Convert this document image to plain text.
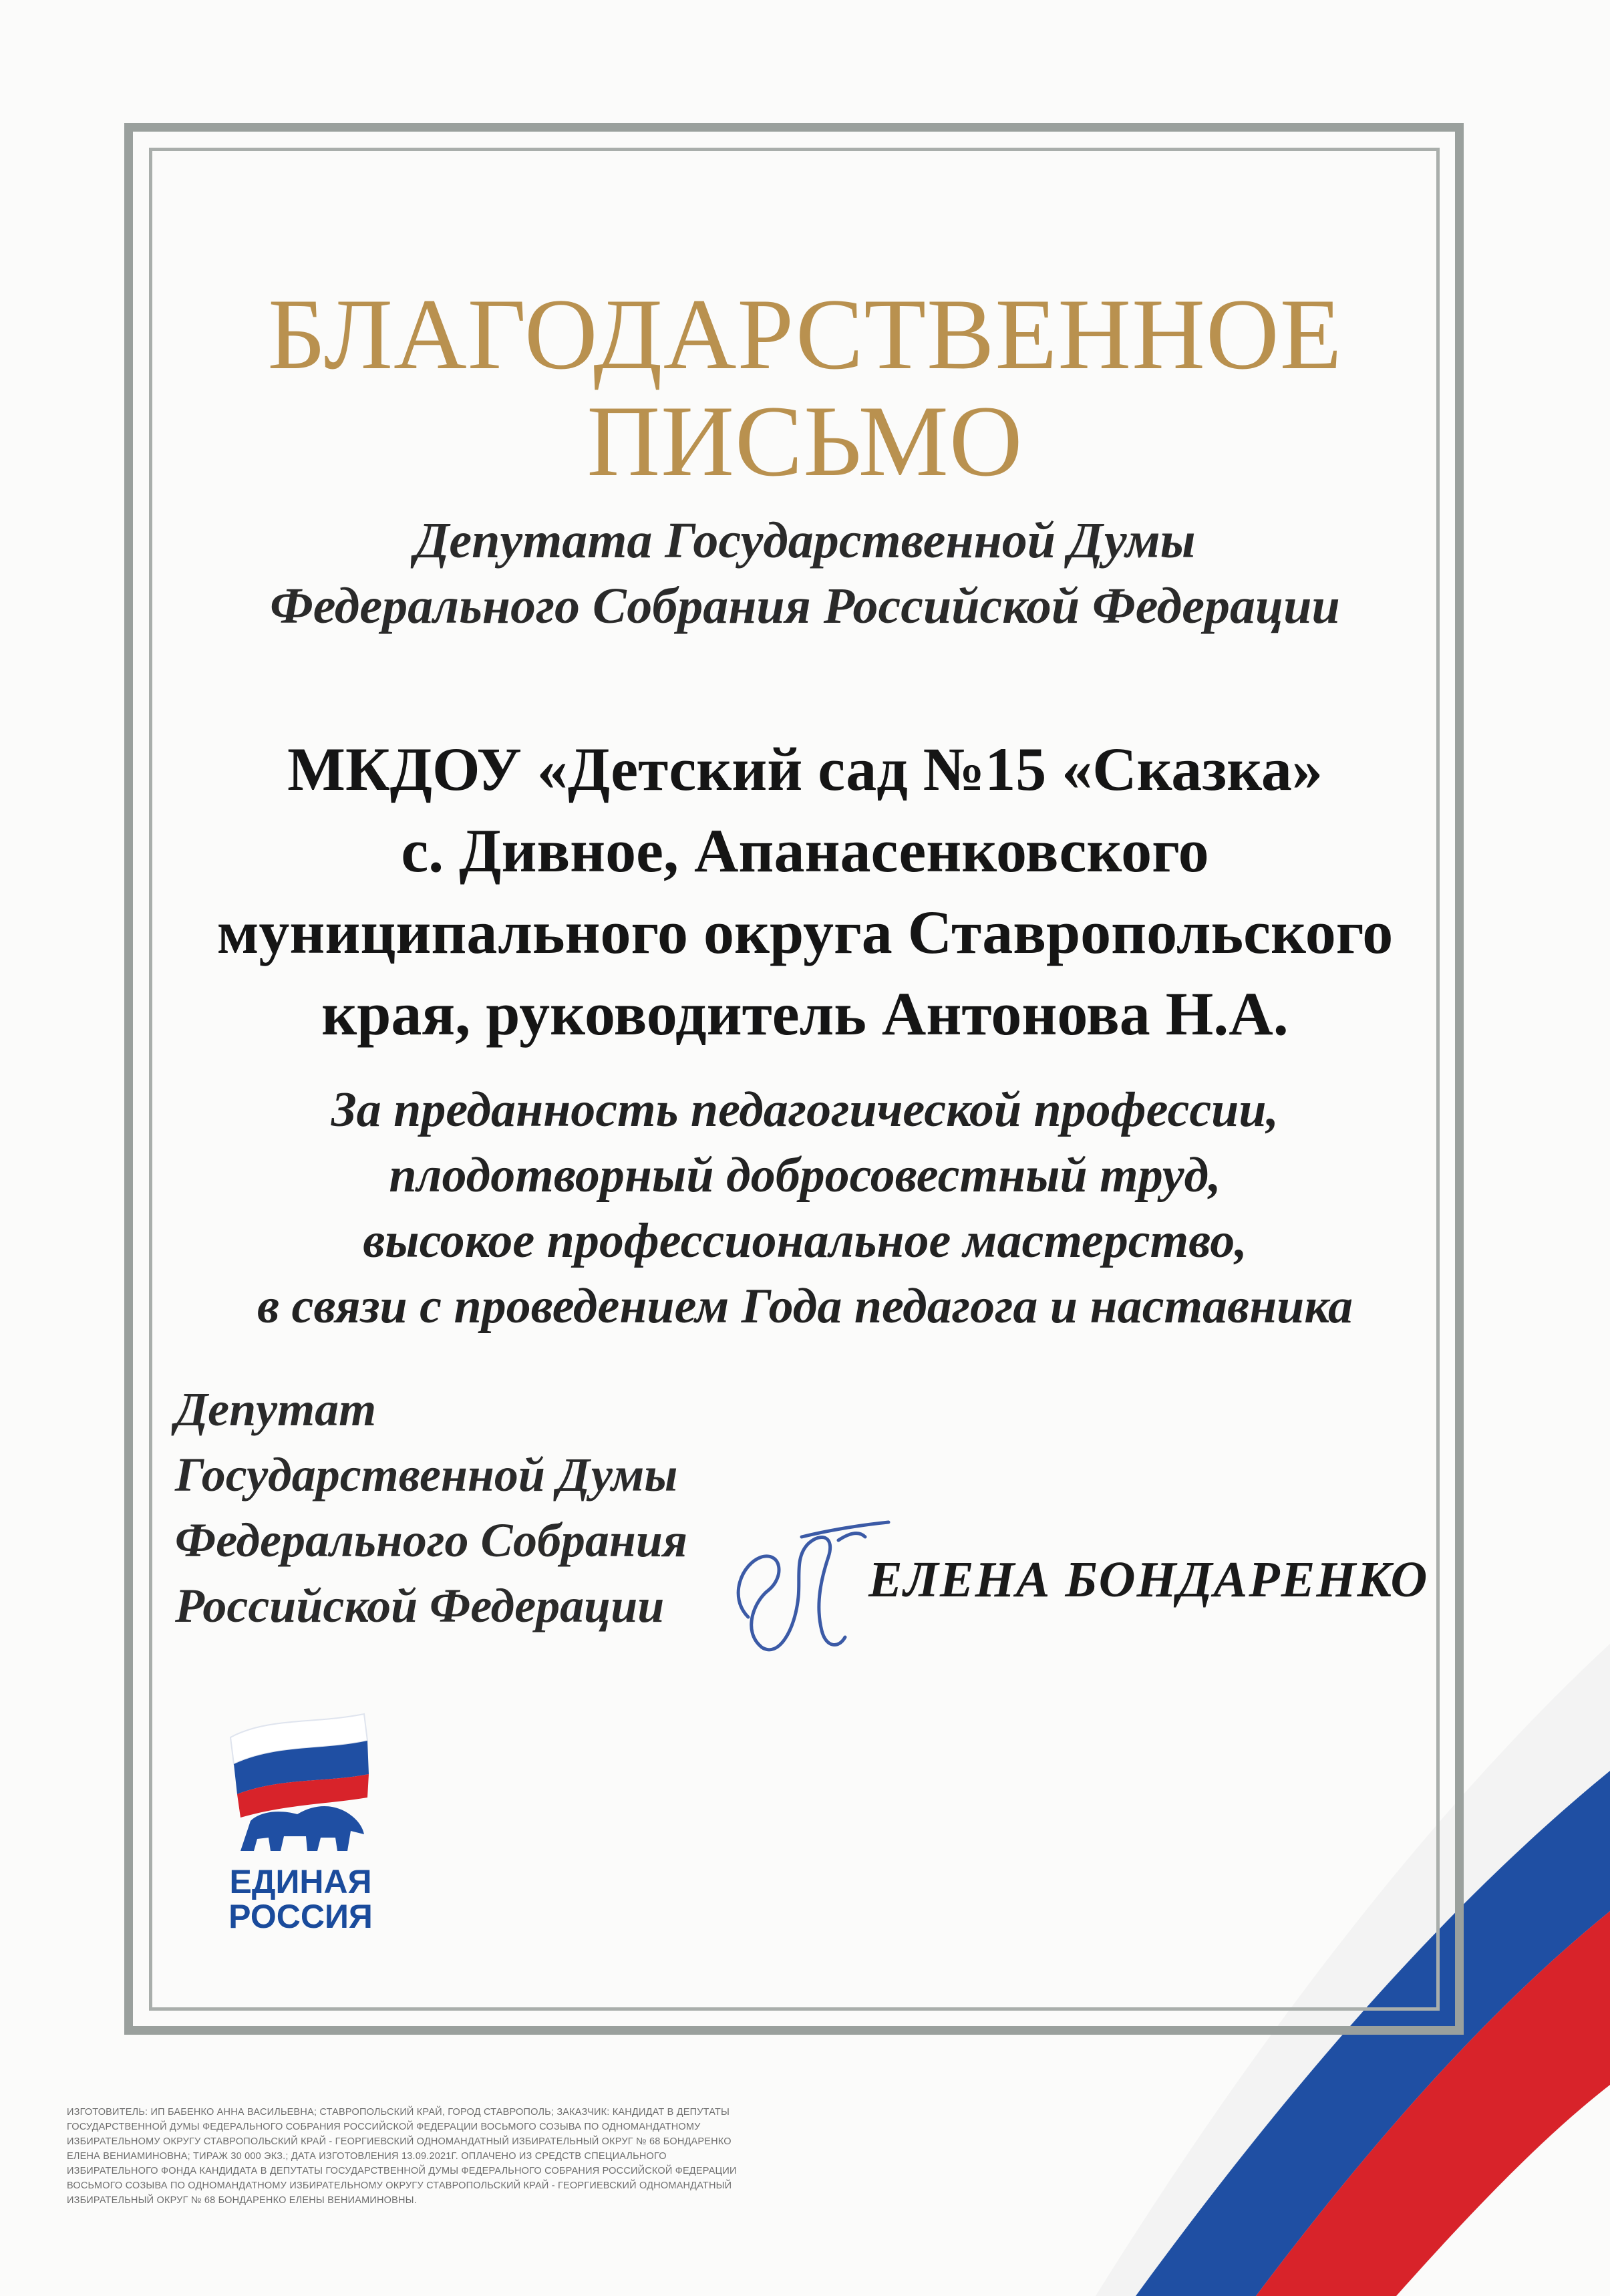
БЛАГОДАРСТВЕННОЕ
ПИСЬМО
Депутата Государственной Думы
Федерального Собрания Российской Федерации
МКДОУ «Детский сад №15 «Сказка»
с. Дивное, Апанасенковского
муниципального округа Ставропольского
края, руководитель Антонова Н.А.
За преданность педагогической профессии,
плодотворный добросовестный труд,
высокое профессиональное мастерство,
в связи с проведением Года педагога и наставника
Депутат
Государственной Думы
Федерального Собрания
Российской Федерации	ЕЛЕНА БОНДАРЕНКО
ЕДИНАЯ
РОССИЯ
ИЗГОТОВИТЕЛЬ: ИП БАБЕНКО АННА ВАСИЛЬЕВНА; СТАВРОПОЛЬСКИЙ КРАЙ, ГОРОД СТАВРОПОЛЬ; ЗАКАЗЧИК: КАНДИДАТ В ДЕПУТАТЫ
ГОСУДАРСТВЕННОЙ ДУМЫ ФЕДЕРАЛЬНОГО СОБРАНИЯ РОССИЙСКОЙ ФЕДЕРАЦИИ ВОСЬМОГО СОЗЫВА ПО ОДНОМАНДАТНОМУ
ИЗБИРАТЕЛЬНОМУ ОКРУГУ СТАВРОПОЛЬСКИЙ КРАЙ - ГЕОРГИЕВСКИЙ ОДНОМАНДАТНЫЙ ИЗБИРАТЕЛЬНЫЙ ОКРУГ № 68 БОНДАРЕНКО
ЕЛЕНА ВЕНИАМИНОВНА; ТИРАЖ 30 000 ЭКЗ.; ДАТА ИЗГОТОВЛЕНИЯ 13.09.2021Г. ОПЛАЧЕНО ИЗ СРЕДСТВ СПЕЦИАЛЬНОГО
ИЗБИРАТЕЛЬНОГО ФОНДА КАНДИДАТА В ДЕПУТАТЫ ГОСУДАРСТВЕННОЙ ДУМЫ ФЕДЕРАЛЬНОГО СОБРАНИЯ РОССИЙСКОЙ ФЕДЕРАЦИИ
ВОСЬМОГО СОЗЫВА ПО ОДНОМАНДАТНОМУ ИЗБИРАТЕЛЬНОМУ ОКРУГУ СТАВРОПОЛЬСКИЙ КРАЙ - ГЕОРГИЕВСКИЙ ОДНОМАНДАТНЫЙ
ИЗБИРАТЕЛЬНЫЙ ОКРУГ № 68 БОНДАРЕНКО ЕЛЕНЫ ВЕНИАМИНОВНЫ.
